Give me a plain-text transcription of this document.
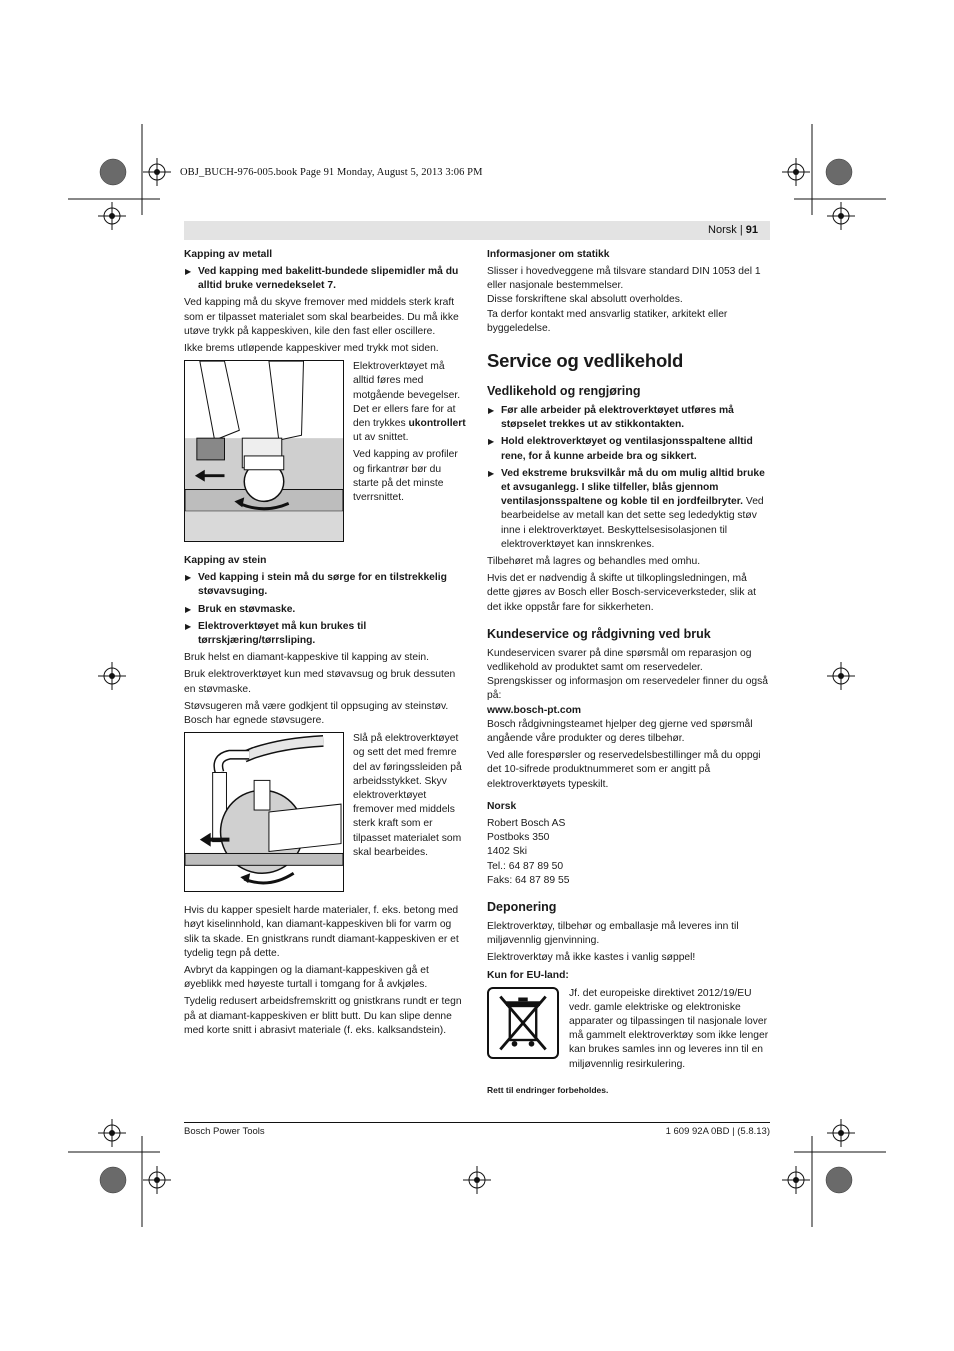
OBJ_BUCH-976-005.book Page 91 Monday, August 5, 2013 3:06 PM
Norsk | 91
Kapping av metall
▶ Ved kapping med bakelitt-bundede slipemidler må du alltid bruke vernedekselet 7.

Ved kapping må du skyve fremover med middels sterk kraft som er tilpasset materialet som skal bearbeides. Du må ikke utøve trykk på kappeskiven, kile den fast eller oscillere.

Ikke brems utløpende kappeskiver med trykk mot siden.

Elektroverktøyet må alltid føres med motgående bevegelser. Det er ellers fare for at den trykkes ukontrollert ut av snittet.

Ved kapping av profiler og firkantrør bør du starte på det minste tverrsnittet.

Kapping av stein
▶ Ved kapping i stein må du sørge for en tilstrekkelig støvavsuging.
▶ Bruk en støvmaske.
▶ Elektroverktøyet må kun brukes til tørrskjæring/tørrsliping.

Bruk helst en diamant-kappeskive til kapping av stein.

Bruk elektroverktøyet kun med støvavsug og bruk dessuten en støvmaske.

Støvsugeren må være godkjent til oppsuging av steinstøv. Bosch har egnede støvsugere.

Slå på elektroverktøyet og sett det med fremre del av føringssleiden på arbeidsstykket. Skyv elektroverktøyet fremover med middels sterk kraft som er tilpasset materialet som skal bearbeides.

Hvis du kapper spesielt harde materialer, f. eks. betong med høyt kiselinnhold, kan diamant-kappeskiven bli for varm og slik ta skade. En gnistkrans rundt diamant-kappeskiven er et tydelig tegn på dette.

Avbryt da kappingen og la diamant-kappeskiven gå et øyeblikk med høyeste turtall i tomgang for å avkjøles.

Tydelig redusert arbeidsfremskritt og gnistkrans rundt er tegn på at diamant-kappeskiven er blitt butt. Du kan slipe denne med korte snitt i abrasivt materiale (f. eks. kalksandstein).

Informasjoner om statikk

Slisser i hovedveggene må tilsvare standard DIN 1053 del 1 eller nasjonale bestemmelser.

Disse forskriftene skal absolutt overholdes.

Ta derfor kontakt med ansvarlig statiker, arkitekt eller byggeledelse.

Service og vedlikehold
Vedlikehold og rengjøring
▶ Før alle arbeider på elektroverktøyet utføres må støpselet trekkes ut av stikkontakten.
▶ Hold elektroverktøyet og ventilasjonsspaltene alltid rene, for å kunne arbeide bra og sikkert.
▶ Ved ekstreme bruksvilkår må du om mulig alltid bruke et avsuganlegg. I slike tilfeller, blås gjennom ventilasjonsspaltene og koble til en jordfeilbryter. Ved bearbeidelse av metall kan det sette seg lededyktig støv inne i elektroverktøyet. Beskyttelsesisolasjonen til elektroverktøyet kan innskrenkes.

Tilbehøret må lagres og behandles med omhu.

Hvis det er nødvendig å skifte ut tilkoplingsledningen, må dette gjøres av Bosch eller Bosch-serviceverksteder, slik at det ikke oppstår fare for sikkerheten.

Kundeservice og rådgivning ved bruk

Kundeservicen svarer på dine spørsmål om reparasjon og vedlikehold av produktet samt om reservedeler. Sprengskisser og informasjon om reservedeler finner du også på:

www.bosch-pt.com

Bosch rådgivningsteamet hjelper deg gjerne ved spørsmål angående våre produkter og deres tilbehør.

Ved alle forespørsler og reservedelsbestillinger må du oppgi det 10-sifrede produktnummeret som er angitt på elektroverktøyets typeskilt.

Norsk
Robert Bosch AS
Postboks 350
1402 Ski
Tel.: 64 87 89 50
Faks: 64 87 89 55
Deponering

Elektroverktøy, tilbehør og emballasje må leveres inn til miljøvennlig gjenvinning.

Elektroverktøy må ikke kastes i vanlig søppel!

Kun for EU-land:

Jf. det europeiske direktivet 2012/19/EU vedr. gamle elektriske og elektroniske apparater og tilpassingen til nasjonale lover må gammelt elektroverktøy som ikke lenger kan brukes samles inn og leveres inn til en miljøvennlig resirkulering.

Rett til endringer forbeholdes.

Bosch Power Tools	1 609 92A 0BD | (5.8.13)
